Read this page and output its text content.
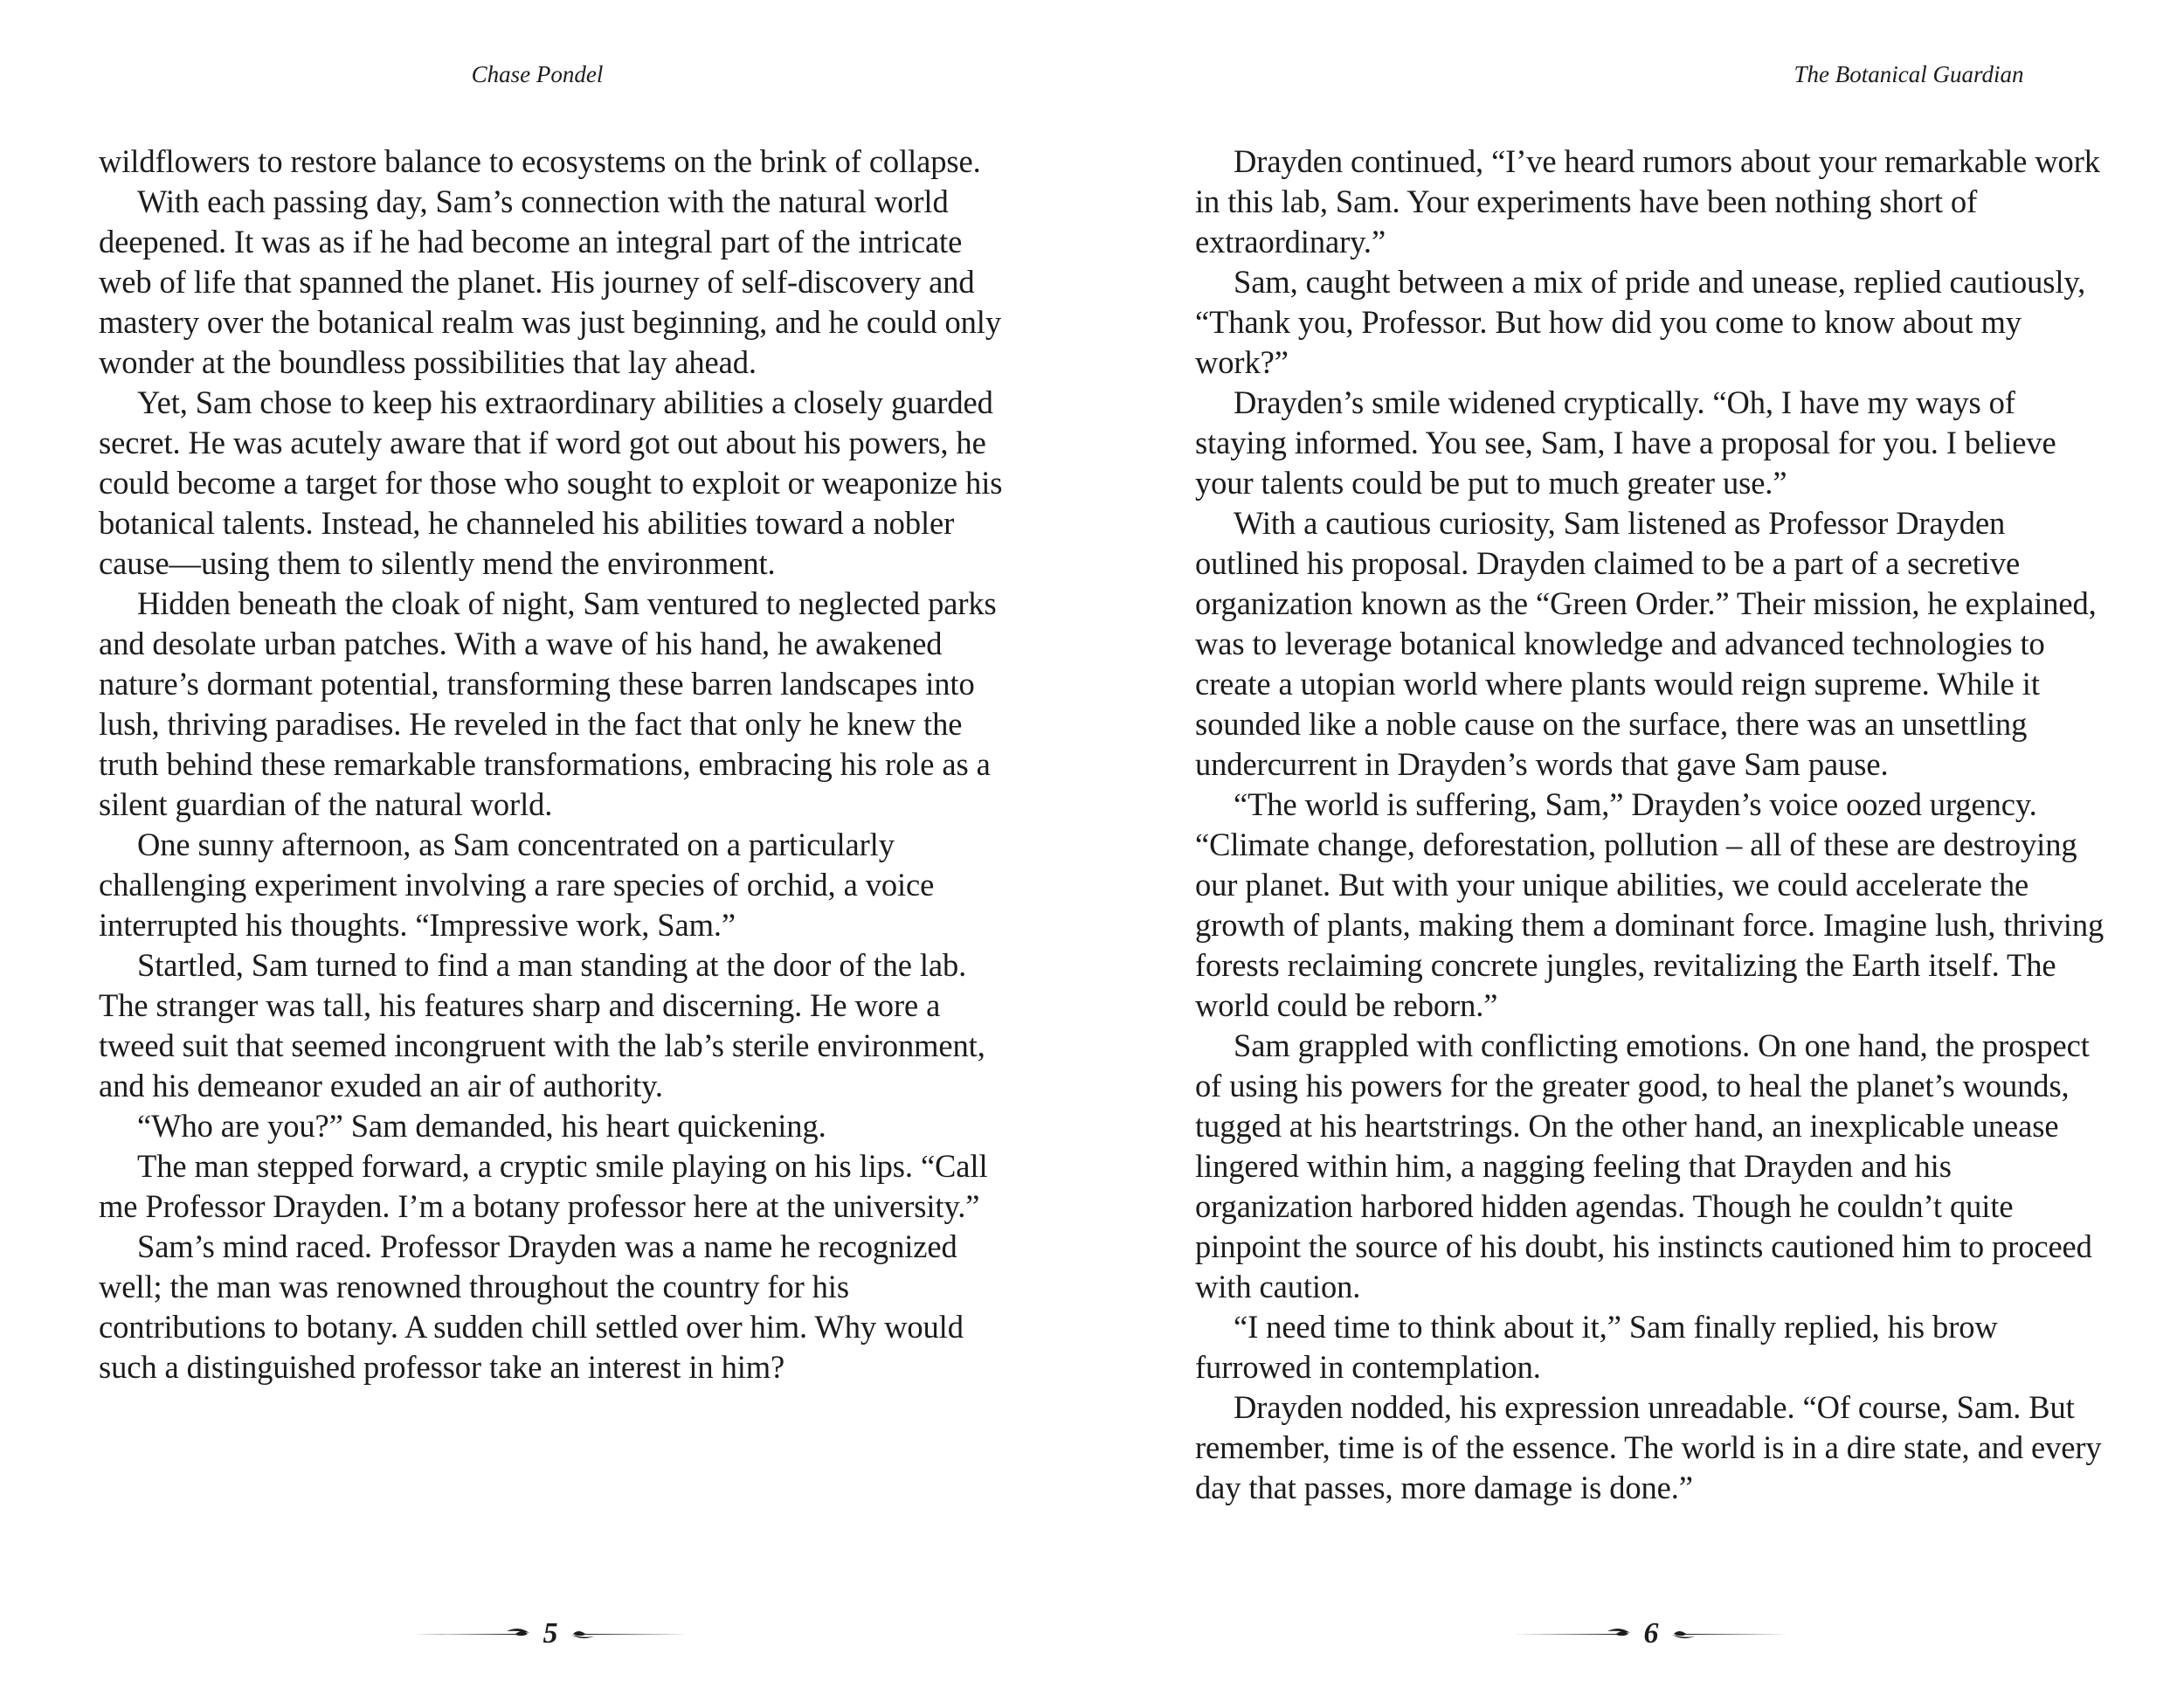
Chase Pondel

wildflowers to restore balance to ecosystems on the brink of collapse.

With each passing day, Sam’s connection with the natural world deepened. It was as if he had become an integral part of the intricate web of life that spanned the planet. His journey of self-discovery and mastery over the botanical realm was just beginning, and he could only wonder at the boundless possibilities that lay ahead.

Yet, Sam chose to keep his extraordinary abilities a closely guarded secret. He was acutely aware that if word got out about his powers, he could become a target for those who sought to exploit or weaponize his botanical talents. Instead, he channeled his abilities toward a nobler cause—using them to silently mend the environment.

Hidden beneath the cloak of night, Sam ventured to neglected parks and desolate urban patches. With a wave of his hand, he awakened nature’s dormant potential, transforming these barren landscapes into lush, thriving paradises. He reveled in the fact that only he knew the truth behind these remarkable transformations, embracing his role as a silent guardian of the natural world.

One sunny afternoon, as Sam concentrated on a particularly challenging experiment involving a rare species of orchid, a voice interrupted his thoughts. “Impressive work, Sam.”

Startled, Sam turned to find a man standing at the door of the lab. The stranger was tall, his features sharp and discerning. He wore a tweed suit that seemed incongruent with the lab’s sterile environment, and his demeanor exuded an air of authority.

“Who are you?” Sam demanded, his heart quickening.

The man stepped forward, a cryptic smile playing on his lips. “Call me Professor Drayden. I’m a botany professor here at the university.”

Sam’s mind raced. Professor Drayden was a name he recognized well; the man was renowned throughout the country for his contributions to botany. A sudden chill settled over him. Why would such a distinguished professor take an interest in him?

5
The Botanical Guardian

Drayden continued, “I’ve heard rumors about your remarkable work in this lab, Sam. Your experiments have been nothing short of extraordinary.”

Sam, caught between a mix of pride and unease, replied cautiously, “Thank you, Professor. But how did you come to know about my work?”

Drayden’s smile widened cryptically. “Oh, I have my ways of staying informed. You see, Sam, I have a proposal for you. I believe your talents could be put to much greater use.”

With a cautious curiosity, Sam listened as Professor Drayden outlined his proposal. Drayden claimed to be a part of a secretive organization known as the “Green Order.” Their mission, he explained, was to leverage botanical knowledge and advanced technologies to create a utopian world where plants would reign supreme. While it sounded like a noble cause on the surface, there was an unsettling undercurrent in Drayden’s words that gave Sam pause.

“The world is suffering, Sam,” Drayden’s voice oozed urgency. “Climate change, deforestation, pollution – all of these are destroying our planet. But with your unique abilities, we could accelerate the growth of plants, making them a dominant force. Imagine lush, thriving forests reclaiming concrete jungles, revitalizing the Earth itself. The world could be reborn.”

Sam grappled with conflicting emotions. On one hand, the prospect of using his powers for the greater good, to heal the planet’s wounds, tugged at his heartstrings. On the other hand, an inexplicable unease lingered within him, a nagging feeling that Drayden and his organization harbored hidden agendas. Though he couldn’t quite pinpoint the source of his doubt, his instincts cautioned him to proceed with caution.

“I need time to think about it,” Sam finally replied, his brow furrowed in contemplation.

Drayden nodded, his expression unreadable. “Of course, Sam. But remember, time is of the essence. The world is in a dire state, and every day that passes, more damage is done.”

6
